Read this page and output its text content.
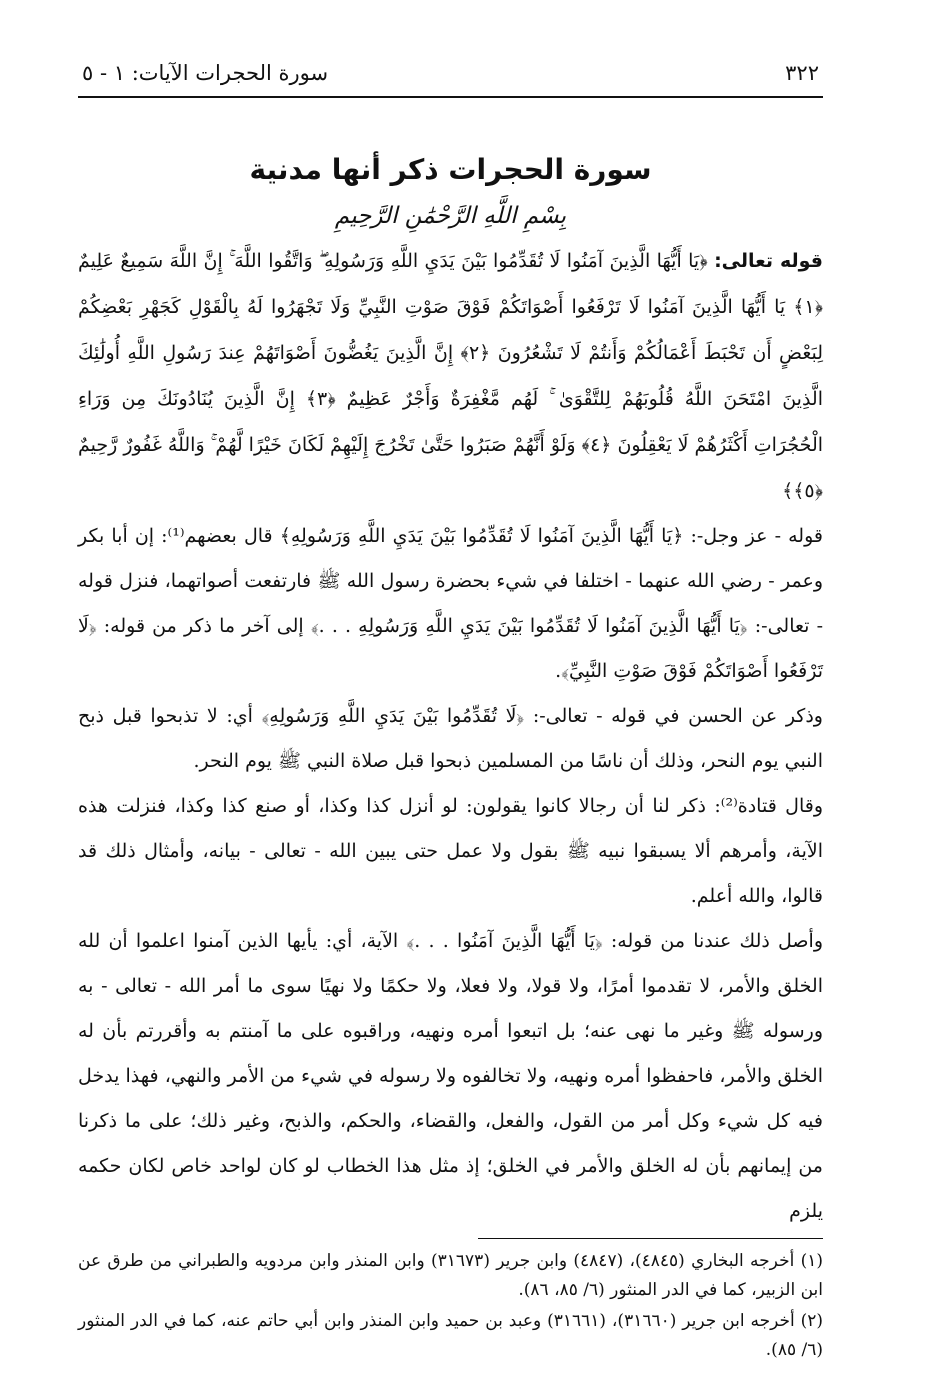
٣٢٢
سورة الحجرات الآيات: ١ - ٥
سورة الحجرات ذكر أنها مدنية
بِسْمِ اللَّهِ الرَّحْمَٰنِ الرَّحِيمِ
قوله تعالى: ﴿يَا أَيُّهَا الَّذِينَ آمَنُوا لَا تُقَدِّمُوا بَيْنَ يَدَيِ اللَّهِ وَرَسُولِهِ ۖ وَاتَّقُوا اللَّهَ ۚ إِنَّ اللَّهَ سَمِيعٌ عَلِيمٌ ﴿١﴾ يَا أَيُّهَا الَّذِينَ آمَنُوا لَا تَرْفَعُوا أَصْوَاتَكُمْ فَوْقَ صَوْتِ النَّبِيِّ وَلَا تَجْهَرُوا لَهُ بِالْقَوْلِ كَجَهْرِ بَعْضِكُمْ لِبَعْضٍ أَن تَحْبَطَ أَعْمَالُكُمْ وَأَنتُمْ لَا تَشْعُرُونَ ﴿٢﴾ إِنَّ الَّذِينَ يَغُضُّونَ أَصْوَاتَهُمْ عِندَ رَسُولِ اللَّهِ أُولَٰئِكَ الَّذِينَ امْتَحَنَ اللَّهُ قُلُوبَهُمْ لِلتَّقْوَىٰ ۚ لَهُم مَّغْفِرَةٌ وَأَجْرٌ عَظِيمٌ ﴿٣﴾ إِنَّ الَّذِينَ يُنَادُونَكَ مِن وَرَاءِ الْحُجُرَاتِ أَكْثَرُهُمْ لَا يَعْقِلُونَ ﴿٤﴾ وَلَوْ أَنَّهُمْ صَبَرُوا حَتَّىٰ تَخْرُجَ إِلَيْهِمْ لَكَانَ خَيْرًا لَّهُمْ ۚ وَاللَّهُ غَفُورٌ رَّحِيمٌ ﴿٥﴾﴾

قوله - عز وجل-: ﴿يَا أَيُّهَا الَّذِينَ آمَنُوا لَا تُقَدِّمُوا بَيْنَ يَدَيِ اللَّهِ وَرَسُولِهِ﴾ قال بعضهم⁽¹⁾: إن أبا بكر وعمر - رضي الله عنهما - اختلفا في شيء بحضرة رسول الله ﷺ فارتفعت أصواتهما، فنزل قوله - تعالى-: ﴿يَا أَيُّهَا الَّذِينَ آمَنُوا لَا تُقَدِّمُوا بَيْنَ يَدَيِ اللَّهِ وَرَسُولِهِ . . .﴾ إلى آخر ما ذكر من قوله: ﴿لَا تَرْفَعُوا أَصْوَاتَكُمْ فَوْقَ صَوْتِ النَّبِيِّ﴾.

وذكر عن الحسن في قوله - تعالى-: ﴿لَا تُقَدِّمُوا بَيْنَ يَدَيِ اللَّهِ وَرَسُولِهِ﴾ أي: لا تذبحوا قبل ذبح النبي يوم النحر، وذلك أن ناسًا من المسلمين ذبحوا قبل صلاة النبي ﷺ يوم النحر.

وقال قتادة⁽²⁾: ذكر لنا أن رجالا كانوا يقولون: لو أنزل كذا وكذا، أو صنع كذا وكذا، فنزلت هذه الآية، وأمرهم ألا يسبقوا نبيه ﷺ بقول ولا عمل حتى يبين الله - تعالى - بيانه، وأمثال ذلك قد قالوا، والله أعلم.

وأصل ذلك عندنا من قوله: ﴿يَا أَيُّهَا الَّذِينَ آمَنُوا . . .﴾ الآية، أي: يأيها الذين آمنوا اعلموا أن لله الخلق والأمر، لا تقدموا أمرًا، ولا قولا، ولا فعلا، ولا حكمًا ولا نهيًا سوى ما أمر الله - تعالى - به ورسوله ﷺ وغير ما نهى عنه؛ بل اتبعوا أمره ونهيه، وراقبوه على ما آمنتم به وأقررتم بأن له الخلق والأمر، فاحفظوا أمره ونهيه، ولا تخالفوه ولا رسوله في شيء من الأمر والنهي، فهذا يدخل فيه كل شيء وكل أمر من القول، والفعل، والقضاء، والحكم، والذبح، وغير ذلك؛ على ما ذكرنا من إيمانهم بأن له الخلق والأمر في الخلق؛ إذ مثل هذا الخطاب لو كان لواحد خاص لكان حكمه يلزم

(١) أخرجه البخاري (٤٨٤٥)، (٤٨٤٧) وابن جرير (٣١٦٧٣) وابن المنذر وابن مردويه والطبراني من طرق عن ابن الزبير، كما في الدر المنثور (٦/ ٨٥، ٨٦).

(٢) أخرجه ابن جرير (٣١٦٦٠)، (٣١٦٦١) وعبد بن حميد وابن المنذر وابن أبي حاتم عنه، كما في الدر المنثور (٦/ ٨٥).
